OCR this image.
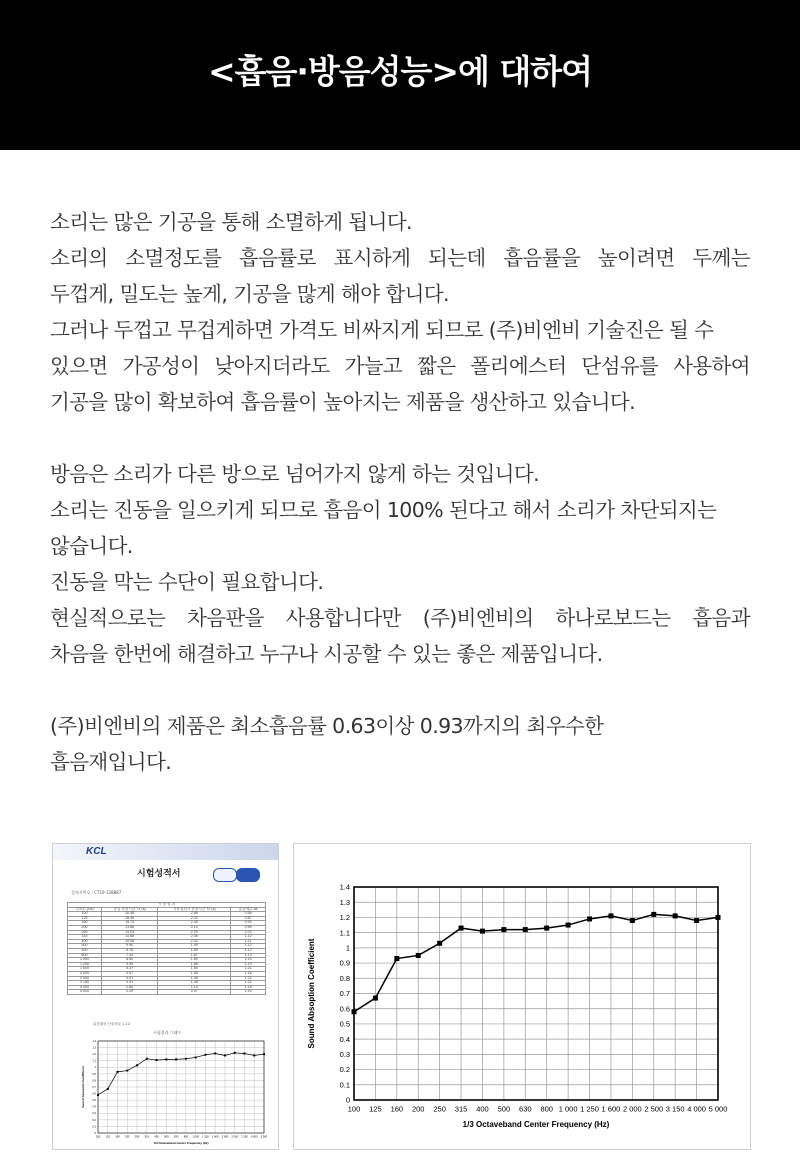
<흡음·방음성능>에 대하여
소리는 많은 기공을 통해 소멸하게 됩니다.
소리의 소멸정도를 흡음률로 표시하게 되는데 흡음률을 높이려면 두께는
두껍게, 밀도는 높게, 기공을 많게 해야 합니다.
그러나 두껍고 무겁게하면 가격도 비싸지게 되므로 (주)비엔비 기술진은 될 수
있으면 가공성이 낮아지더라도 가늘고 짧은 폴리에스터 단섬유를 사용하여
기공을 많이 확보하여 흡음률이 높아지는 제품을 생산하고 있습니다.
방음은 소리가 다른 방으로 넘어가지 않게 하는 것입니다.
소리는 진동을 일으키게 되므로 흡음이 100% 된다고 해서 소리가 차단되지는
않습니다.
진동을 막는 수단이 필요합니다.
현실적으로는 차음판을 사용합니다만 (주)비엔비의 하나로보드는 흡음과
차음을 한번에 해결하고 누구나 시공할 수 있는 좋은 제품입니다.
(주)비엔비의 제품은 최소흡음률 0.63이상 0.93까지의 최우수한
흡음재입니다.
KCL
시험성적서
성적서번호 : CT19-138887
시 험 결 과			
주파수 (Hz)	공실 잔향시간 T1 (s)	시료설치시 잔향시간 T2 (s)	흡음계수 as
100	20.38	2.88	0.58
125	18.46	2.32	0.67
160	15.74	2.45	0.93
200	13.88	2.10	0.95
250	14.03	2.29	1.03
315	11.88	2.06	1.13
400	10.58	2.02	1.11
500	9.90	1.99	1.12
630	8.76	1.89	1.12
800	7.44	1.87	1.13
1 000	6.60	1.69	1.15
1 250	5.90	1.68	1.19
1 600	5.37	1.60	1.21
2 000	4.67	1.55	1.18
2 500	4.01	1.45	1.22
3 150	3.31	1.38	1.21
4 000	2.80	1.14	1.18
5 000	2.29	0.97	1.20
흡음률의 산술평균 1.12
시험결과 그래프
0
0.1
0.2
0.3
0.4
0.5
0.6
0.7
0.8
0.9
1
1.1
1.2
1.3
1.4
100 125 160 200 250 315 400 500 630 800 1 000 1 250 1 600 2 000 2 500 3 150 4 000 5 000
1/3 Octaveband Center Frequency (Hz)
Sound Absoption Coefficient	0
0.1
0.2
0.3
0.4
0.5
0.6
0.7
0.8
0.9
1
1.1
1.2
1.3
1.4
100 125 160 200 250 315 400 500 630 800 1 000 1 250 1 600 2 000 2 500 3 150 4 000 5 000
1/3 Octaveband Center Frequency (Hz)
Sound Absoption Coefficient
